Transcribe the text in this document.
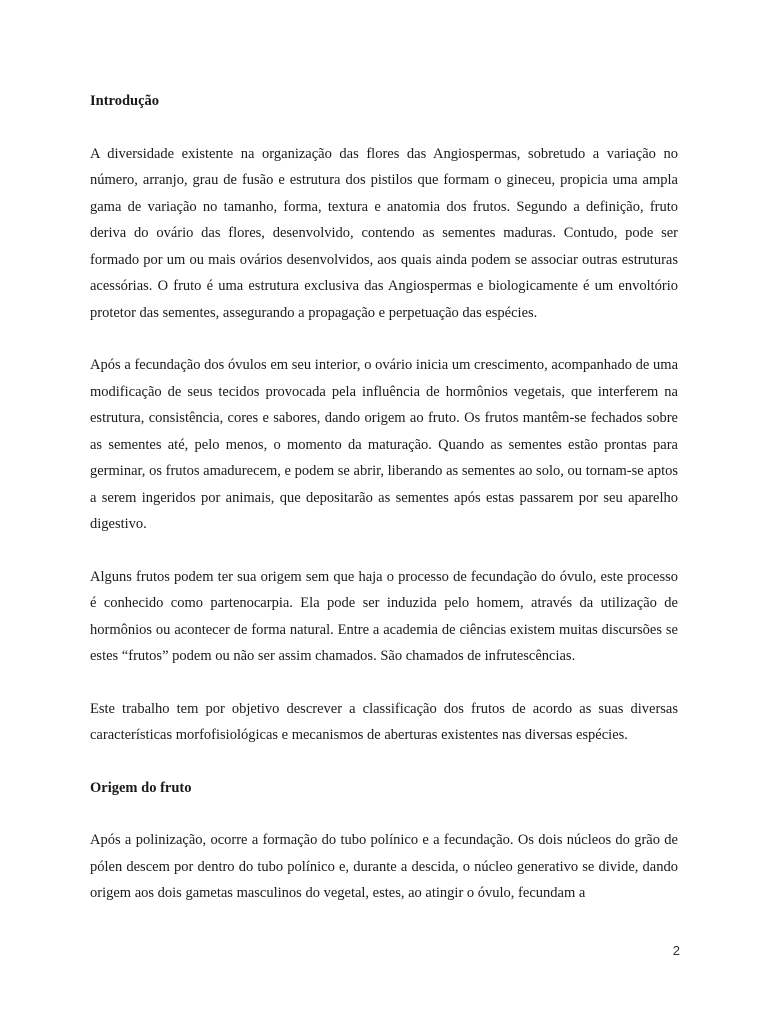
Introdução

A diversidade existente na organização das flores das Angiospermas, sobretudo a variação no número, arranjo, grau de fusão e estrutura dos pistilos que formam o gineceu, propicia uma ampla gama de variação no tamanho, forma, textura e anatomia dos frutos. Segundo a definição, fruto deriva do ovário das flores, desenvolvido, contendo as sementes maduras. Contudo, pode ser formado por um ou mais ovários desenvolvidos, aos quais ainda podem se associar outras estruturas acessórias. O fruto é uma estrutura exclusiva das Angiospermas e biologicamente é um envoltório protetor das sementes, assegurando a propagação e perpetuação das espécies.

Após a fecundação dos óvulos em seu interior, o ovário inicia um crescimento, acompanhado de uma modificação de seus tecidos provocada pela influência de hormônios vegetais, que interferem na estrutura, consistência, cores e sabores, dando origem ao fruto. Os frutos mantêm-se fechados sobre as sementes até, pelo menos, o momento da maturação. Quando as sementes estão prontas para germinar, os frutos amadurecem, e podem se abrir, liberando as sementes ao solo, ou tornam-se aptos a serem ingeridos por animais, que depositarão as sementes após estas passarem por seu aparelho digestivo.

Alguns frutos podem ter sua origem sem que haja o processo de fecundação do óvulo, este processo é conhecido como partenocarpia. Ela pode ser induzida pelo homem, através da utilização de hormônios ou acontecer de forma natural. Entre a academia de ciências existem muitas discursões se estes “frutos” podem ou não ser assim chamados. São chamados de infrutescências.

Este trabalho tem por objetivo descrever a classificação dos frutos de acordo as suas diversas características morfofisiológicas e mecanismos de aberturas existentes nas diversas espécies.

Origem do fruto

Após a polinização, ocorre a formação do tubo polínico e a fecundação. Os dois núcleos do grão de pólen descem por dentro do tubo polínico e, durante a descida, o núcleo generativo se divide, dando origem aos dois gametas masculinos do vegetal, estes, ao atingir o óvulo, fecundam a

2
